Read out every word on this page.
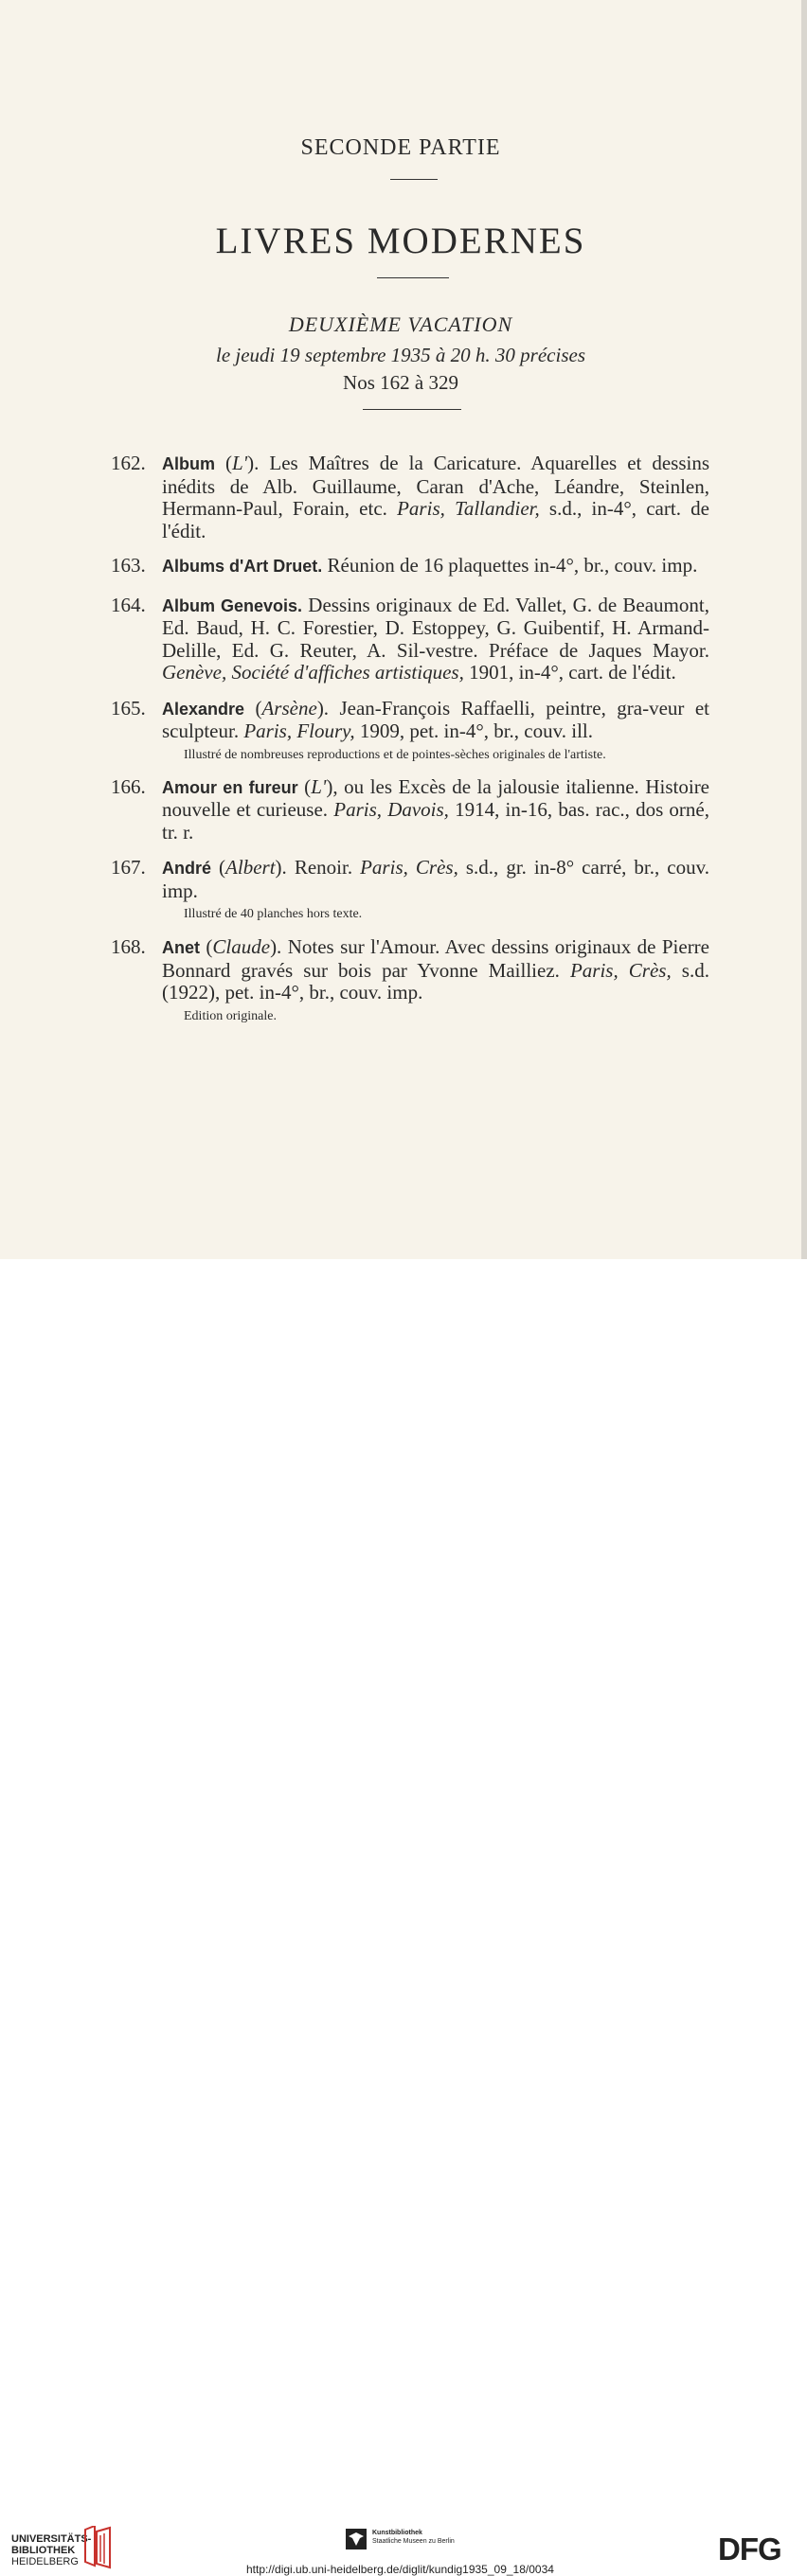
SECONDE PARTIE
LIVRES MODERNES
DEUXIÈME VACATION
le jeudi 19 septembre 1935 à 20 h. 30 précises
Nos 162 à 329
162. Album (L'). Les Maîtres de la Caricature. Aquarelles et dessins inédits de Alb. Guillaume, Caran d'Ache, Léandre, Steinlen, Hermann-Paul, Forain, etc. Paris, Tallandier, s.d., in-4°, cart. de l'édit.
163. Albums d'Art Druet. Réunion de 16 plaquettes in-4°, br., couv. imp.
164. Album Genevois. Dessins originaux de Ed. Vallet, G. de Beaumont, Ed. Baud, H. C. Forestier, D. Estoppey, G. Guibentif, H. Armand-Delille, Ed. G. Reuter, A. Sil-vestre. Préface de Jaques Mayor. Genève, Société d'affiches artistiques, 1901, in-4°, cart. de l'édit.
165. Alexandre (Arsène). Jean-François Raffaelli, peintre, gra-veur et sculpteur. Paris, Floury, 1909, pet. in-4°, br., couv. ill.
Illustré de nombreuses reproductions et de pointes-sèches originales de l'artiste.
166. Amour en fureur (L'), ou les Excès de la jalousie italienne. Histoire nouvelle et curieuse. Paris, Davois, 1914, in-16, bas. rac., dos orné, tr. r.
167. André (Albert). Renoir. Paris, Crès, s.d., gr. in-8° carré, br., couv. imp.
Illustré de 40 planches hors texte.
168. Anet (Claude). Notes sur l'Amour. Avec dessins originaux de Pierre Bonnard gravés sur bois par Yvonne Mailliez. Paris, Crès, s.d. (1922), pet. in-4°, br., couv. imp.
Edition originale.
UNIVERSITÄTS-
BIBLIOTHEK
HEIDELBERG
Kunstbibliothek
Staatliche Museen zu Berlin	DFG
http://digi.ub.uni-heidelberg.de/diglit/kundig1935_09_18/0034
